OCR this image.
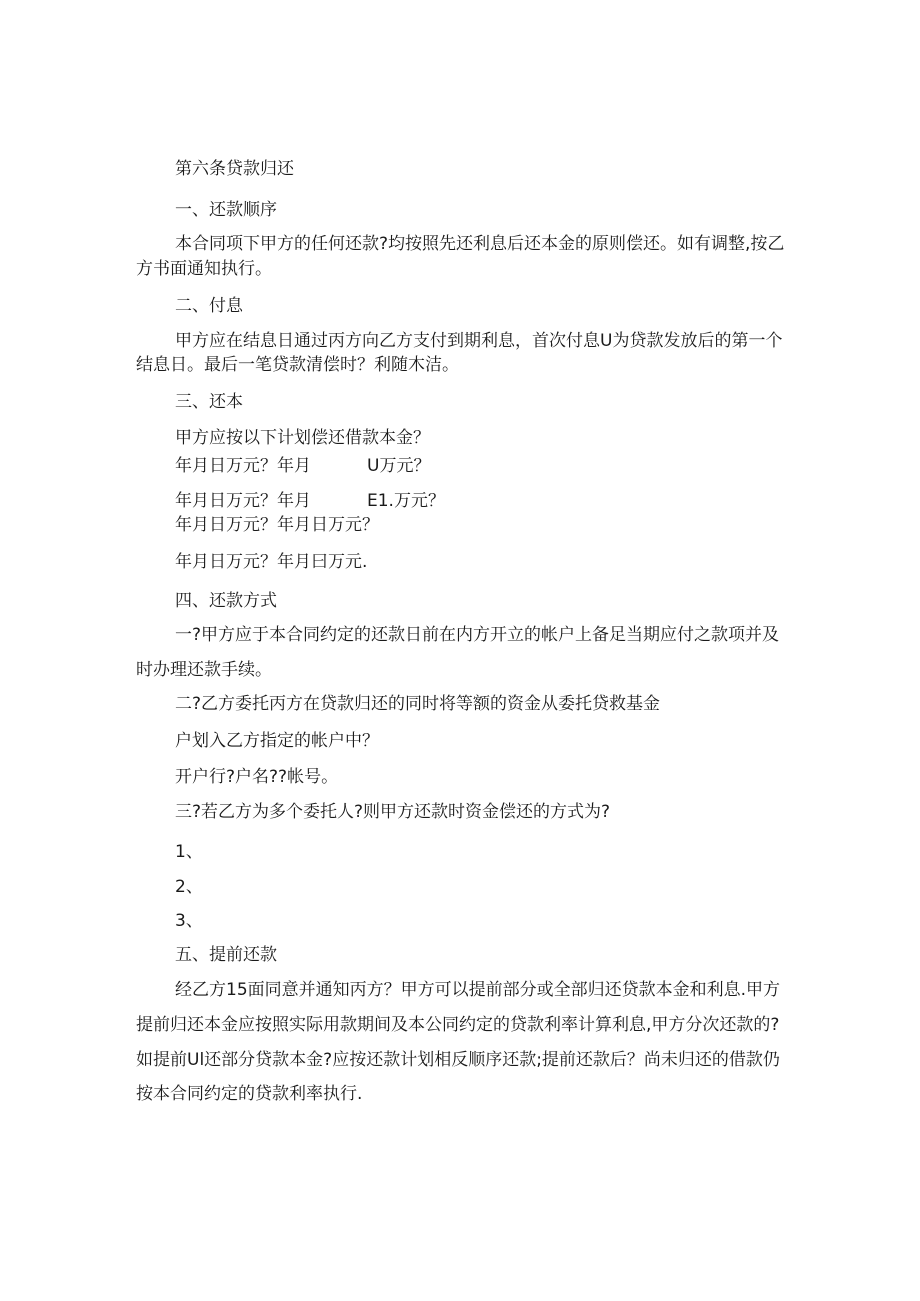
第六条贷款归还
一、还款顺序
本合同项下甲方的任何还款?均按照先还利息后还本金的原则偿还。如有调整,按乙
方书面通知执行。
二、付息
甲方应在结息日通过丙方向乙方支付到期利息，首次付息U为贷款发放后的第一个
结息日。最后一笔贷款清偿时？利随木洁。
三、还本
甲方应按以下计划偿还借款本金？
年月日万元？年月	U万元？
年月日万元？年月	E1.万元？
年月日万元？年月日万元？
年月日万元？年月曰万元.
四、还款方式
一?甲方应于本合同约定的还款日前在内方开立的帐户上备足当期应付之款项并及
时办理还款手续。
二?乙方委托丙方在贷款归还的同时将等额的资金从委托贷救基金
户划入乙方指定的帐户中？
开户行?户名??帐号。
三?若乙方为多个委托人?则甲方还款时资金偿还的方式为?
1、
2、
3、
五、提前还款
经乙方15面同意并通知丙方？甲方可以提前部分或全部归还贷款本金和利息.甲方
提前归还本金应按照实际用款期间及本公同约定的贷款利率计算利息,甲方分次还款的?
如提前Ul还部分贷款本金?应按还款计划相反顺序还款;提前还款后？尚未归还的借款仍
按本合同约定的贷款利率执行.
